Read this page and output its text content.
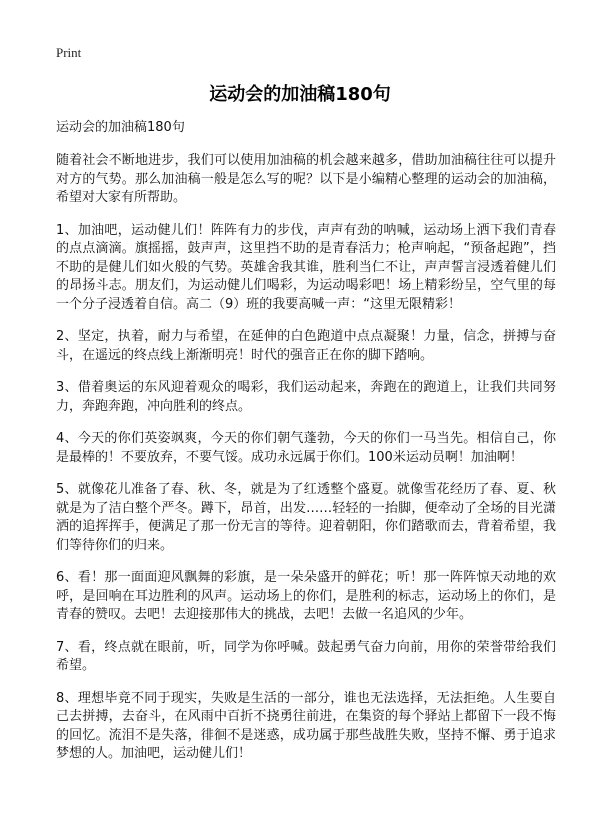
Print
运动会的加油稿180句
运动会的加油稿180句
随着社会不断地进步，我们可以使用加油稿的机会越来越多，借助加油稿往往可以提升对方的气势。那么加油稿一般是怎么写的呢？以下是小编精心整理的运动会的加油稿，希望对大家有所帮助。
1、加油吧，运动健儿们！阵阵有力的步伐，声声有劲的呐喊，运动场上洒下我们青春的点点滴滴。旗摇摇，鼓声声，这里挡不助的是青春活力；枪声响起，“预备起跑”，挡不助的是健儿们如火般的气势。英雄舍我其谁，胜利当仁不让，声声誓言浸透着健儿们的昂扬斗志。朋友们，为运动健儿们喝彩，为运动喝彩吧！场上精彩纷呈，空气里的每一个分子浸透着自信。高二（9）班的我要高喊一声：“这里无限精彩！
2、坚定，执着，耐力与希望，在延伸的白色跑道中点点凝聚！力量，信念，拼搏与奋斗，在遥远的终点线上渐渐明亮！时代的强音正在你的脚下踏响。
3、借着奥运的东风迎着观众的喝彩，我们运动起来，奔跑在的跑道上，让我们共同努力，奔跑奔跑，冲向胜利的终点。
4、今天的你们英姿飒爽，今天的你们朝气蓬勃，今天的你们一马当先。相信自己，你是最棒的！不要放弃，不要气馁。成功永远属于你们。100米运动员啊！加油啊！
5、就像花儿准备了春、秋、冬，就是为了红透整个盛夏。就像雪花经历了春、夏、秋就是为了洁白整个严冬。蹲下，昂首，出发……轻轻的一抬脚，便牵动了全场的目光潇洒的追挥挥手，便满足了那一份无言的等待。迎着朝阳，你们踏歌而去，背着希望，我们等待你们的归来。
6、看！那一面面迎风飘舞的彩旗，是一朵朵盛开的鲜花；听！那一阵阵惊天动地的欢呼，是回响在耳边胜利的风声。运动场上的你们，是胜利的标志，运动场上的你们，是青春的赞叹。去吧！去迎接那伟大的挑战，去吧！去做一名追风的少年。
7、看，终点就在眼前，听，同学为你呼喊。鼓起勇气奋力向前，用你的荣誉带给我们希望。
8、理想毕竟不同于现实，失败是生活的一部分，谁也无法选择，无法拒绝。人生要自己去拼搏，去奋斗，在风雨中百折不挠勇往前进，在集资的每个驿站上都留下一段不悔的回忆。流泪不是失落，徘徊不是迷惑，成功属于那些战胜失败，坚持不懈、勇于追求梦想的人。加油吧，运动健儿们！
